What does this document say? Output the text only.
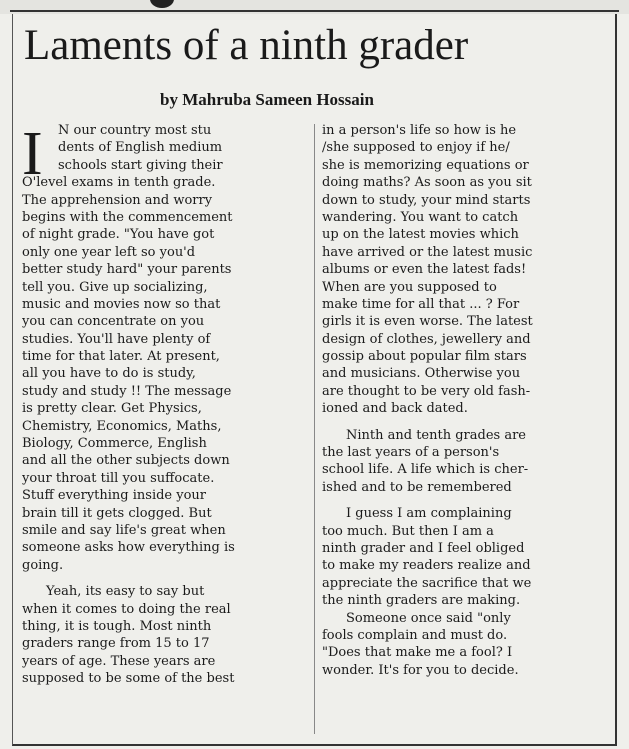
Laments of a ninth grader
by Mahruba Sameen Hossain
I	N our country most stu
dents of English medium
schools start giving their
O'level exams in tenth grade.
The apprehension and worry
begins with the commencement
of night grade. "You have got
only one year left so you'd
better study hard" your parents
tell you. Give up socializing,
music and movies now so that
you can concentrate on you
studies. You'll have plenty of
time for that later. At present,
all you have to do is study,
study and study !! The message
is pretty clear. Get Physics,
Chemistry, Economics, Maths,
Biology, Commerce, English
and all the other subjects down
your throat till you suffocate.
Stuff everything inside your
brain till it gets clogged. But
smile and say life's great when
someone asks how everything is
going.
Yeah, its easy to say but
when it comes to doing the real
thing, it is tough. Most ninth
graders range from 15 to 17
years of age. These years are
supposed to be some of the best
in a person's life so how is he
/she supposed to enjoy if he/
she is memorizing equations or
doing maths? As soon as you sit
down to study, your mind starts
wandering. You want to catch
up on the latest movies which
have arrived or the latest music
albums or even the latest fads!
When are you supposed to
make time for all that ... ? For
girls it is even worse. The latest
design of clothes, jewellery and
gossip about popular film stars
and musicians. Otherwise you
are thought to be very old fash-
ioned and back dated.
Ninth and tenth grades are
the last years of a person's
school life. A life which is cher-
ished and to be remembered
I guess I am complaining
too much. But then I am a
ninth grader and I feel obliged
to make my readers realize and
appreciate the sacrifice that we
the ninth graders are making.
Someone once said "only
fools complain and must do.
"Does that make me a fool? I
wonder. It's for you to decide.
